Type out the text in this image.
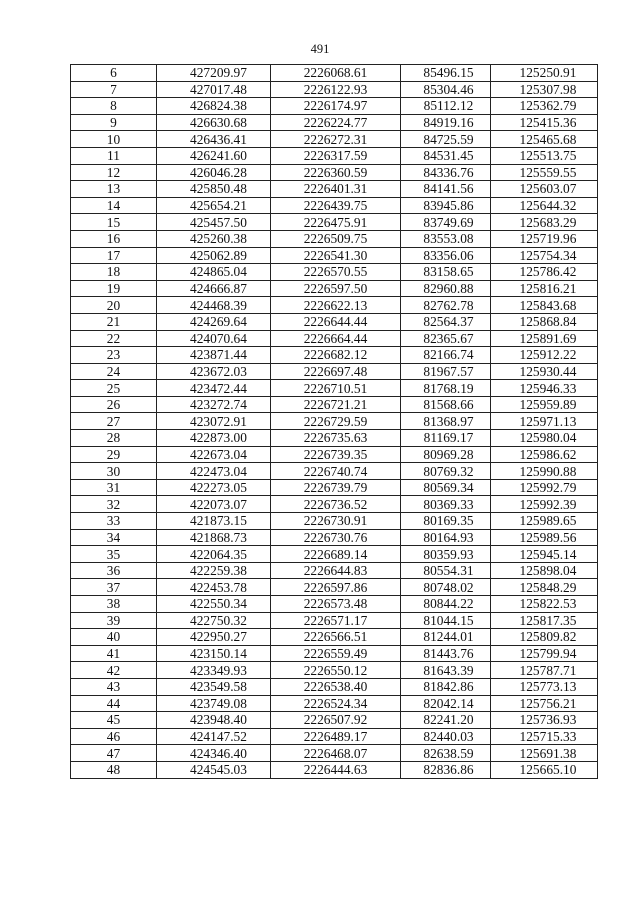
491
6	427209.97	2226068.61	85496.15	125250.91
7	427017.48	2226122.93	85304.46	125307.98
8	426824.38	2226174.97	85112.12	125362.79
9	426630.68	2226224.77	84919.16	125415.36
10	426436.41	2226272.31	84725.59	125465.68
11	426241.60	2226317.59	84531.45	125513.75
12	426046.28	2226360.59	84336.76	125559.55
13	425850.48	2226401.31	84141.56	125603.07
14	425654.21	2226439.75	83945.86	125644.32
15	425457.50	2226475.91	83749.69	125683.29
16	425260.38	2226509.75	83553.08	125719.96
17	425062.89	2226541.30	83356.06	125754.34
18	424865.04	2226570.55	83158.65	125786.42
19	424666.87	2226597.50	82960.88	125816.21
20	424468.39	2226622.13	82762.78	125843.68
21	424269.64	2226644.44	82564.37	125868.84
22	424070.64	2226664.44	82365.67	125891.69
23	423871.44	2226682.12	82166.74	125912.22
24	423672.03	2226697.48	81967.57	125930.44
25	423472.44	2226710.51	81768.19	125946.33
26	423272.74	2226721.21	81568.66	125959.89
27	423072.91	2226729.59	81368.97	125971.13
28	422873.00	2226735.63	81169.17	125980.04
29	422673.04	2226739.35	80969.28	125986.62
30	422473.04	2226740.74	80769.32	125990.88
31	422273.05	2226739.79	80569.34	125992.79
32	422073.07	2226736.52	80369.33	125992.39
33	421873.15	2226730.91	80169.35	125989.65
34	421868.73	2226730.76	80164.93	125989.56
35	422064.35	2226689.14	80359.93	125945.14
36	422259.38	2226644.83	80554.31	125898.04
37	422453.78	2226597.86	80748.02	125848.29
38	422550.34	2226573.48	80844.22	125822.53
39	422750.32	2226571.17	81044.15	125817.35
40	422950.27	2226566.51	81244.01	125809.82
41	423150.14	2226559.49	81443.76	125799.94
42	423349.93	2226550.12	81643.39	125787.71
43	423549.58	2226538.40	81842.86	125773.13
44	423749.08	2226524.34	82042.14	125756.21
45	423948.40	2226507.92	82241.20	125736.93
46	424147.52	2226489.17	82440.03	125715.33
47	424346.40	2226468.07	82638.59	125691.38
48	424545.03	2226444.63	82836.86	125665.10
